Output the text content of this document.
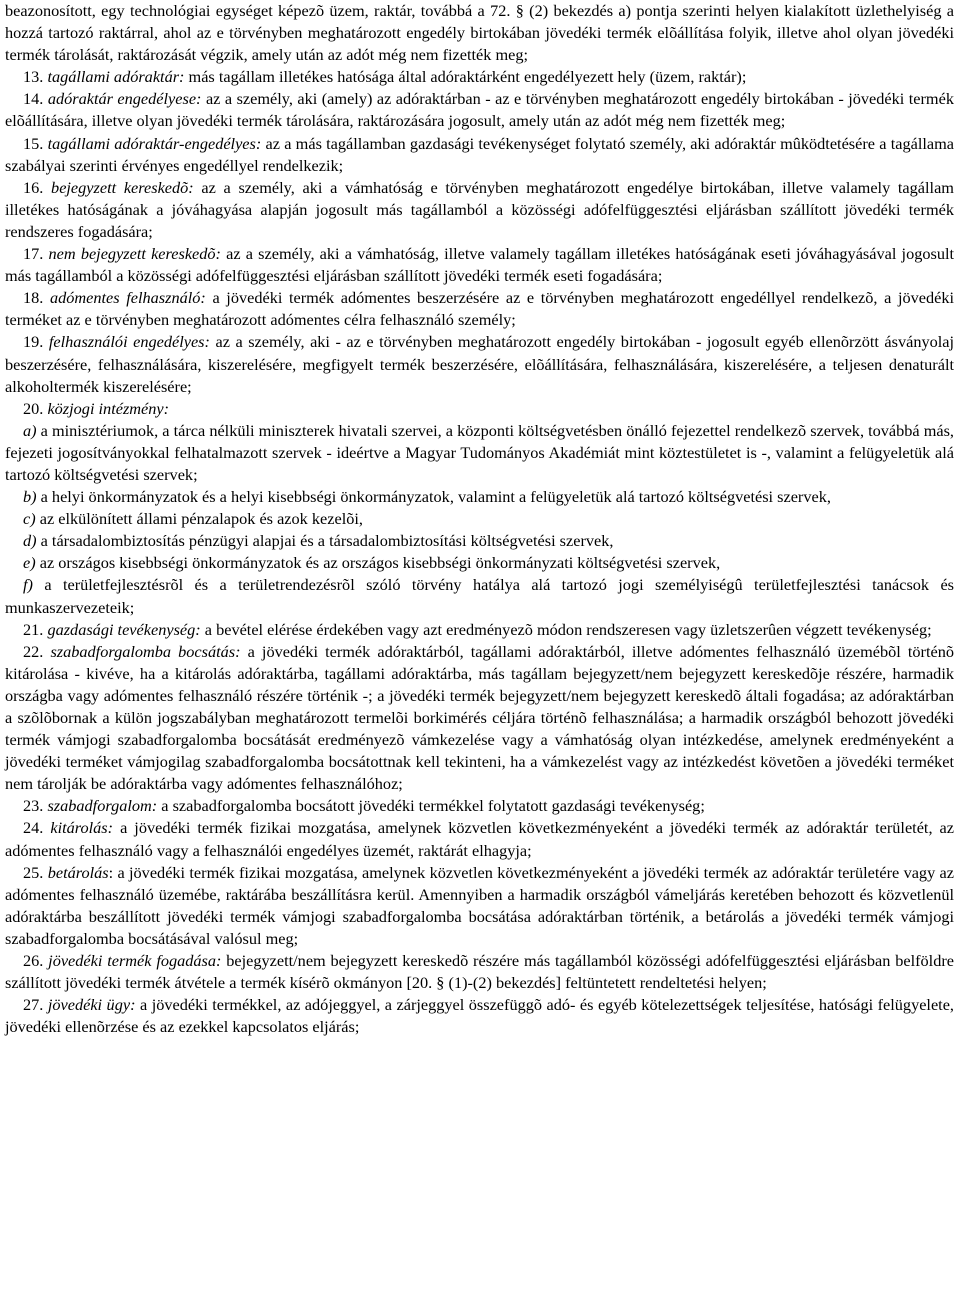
beazonosított, egy technológiai egységet képezõ üzem, raktár, továbbá a 72. § (2) bekezdés a) pontja szerinti helyen kialakított üzlethelyiség a hozzá tartozó raktárral, ahol az e törvényben meghatározott engedély birtokában jövedéki termék elõállítása folyik, illetve ahol olyan jövedéki termék tárolását, raktározását végzik, amely után az adót még nem fizették meg;

13. tagállami adóraktár: más tagállam illetékes hatósága által adóraktárként engedélyezett hely (üzem, raktár);

14. adóraktár engedélyese: az a személy, aki (amely) az adóraktárban - az e törvényben meghatározott engedély birtokában - jövedéki termék elõállítására, illetve olyan jövedéki termék tárolására, raktározására jogosult, amely után az adót még nem fizették meg;

15. tagállami adóraktár-engedélyes: az a más tagállamban gazdasági tevékenységet folytató személy, aki adóraktár mûködtetésére a tagállama szabályai szerinti érvényes engedéllyel rendelkezik;

16. bejegyzett kereskedõ: az a személy, aki a vámhatóság e törvényben meghatározott engedélye birtokában, illetve valamely tagállam illetékes hatóságának a jóváhagyása alapján jogosult más tagállamból a közösségi adófelfüggesztési eljárásban szállított jövedéki termék rendszeres fogadására;

17. nem bejegyzett kereskedõ: az a személy, aki a vámhatóság, illetve valamely tagállam illetékes hatóságának eseti jóváhagyásával jogosult más tagállamból a közösségi adófelfüggesztési eljárásban szállított jövedéki termék eseti fogadására;

18. adómentes felhasználó: a jövedéki termék adómentes beszerzésére az e törvényben meghatározott engedéllyel rendelkezõ, a jövedéki terméket az e törvényben meghatározott adómentes célra felhasználó személy;

19. felhasználói engedélyes: az a személy, aki - az e törvényben meghatározott engedély birtokában - jogosult egyéb ellenõrzött ásványolaj beszerzésére, felhasználására, kiszerelésére, megfigyelt termék beszerzésére, elõállítására, felhasználására, kiszerelésére, a teljesen denaturált alkoholtermék kiszerelésére;

20. közjogi intézmény:

a) a minisztériumok, a tárca nélküli miniszterek hivatali szervei, a központi költségvetésben önálló fejezettel rendelkezõ szervek, továbbá más, fejezeti jogosítványokkal felhatalmazott szervek - ideértve a Magyar Tudományos Akadémiát mint köztestületet is -, valamint a felügyeletük alá tartozó költségvetési szervek;

b) a helyi önkormányzatok és a helyi kisebbségi önkormányzatok, valamint a felügyeletük alá tartozó költségvetési szervek,

c) az elkülönített állami pénzalapok és azok kezelõi,

d) a társadalombiztosítás pénzügyi alapjai és a társadalombiztosítási költségvetési szervek,

e) az országos kisebbségi önkormányzatok és az országos kisebbségi önkormányzati költségvetési szervek,

f) a területfejlesztésrõl és a területrendezésrõl szóló törvény hatálya alá tartozó jogi személyiségû területfejlesztési tanácsok és munkaszervezeteik;

21. gazdasági tevékenység: a bevétel elérése érdekében vagy azt eredményezõ módon rendszeresen vagy üzletszerûen végzett tevékenység;

22. szabadforgalomba bocsátás: a jövedéki termék adóraktárból, tagállami adóraktárból, illetve adómentes felhasználó üzemébõl történõ kitárolása - kivéve, ha a kitárolás adóraktárba, tagállami adóraktárba, más tagállam bejegyzett/nem bejegyzett kereskedõje részére, harmadik országba vagy adómentes felhasználó részére történik -; a jövedéki termék bejegyzett/nem bejegyzett kereskedõ általi fogadása; az adóraktárban a szõlõbornak a külön jogszabályban meghatározott termelõi borkimérés céljára történõ felhasználása; a harmadik országból behozott jövedéki termék vámjogi szabadforgalomba bocsátását eredményezõ vámkezelése vagy a vámhatóság olyan intézkedése, amelynek eredményeként a jövedéki terméket vámjogilag szabadforgalomba bocsátottnak kell tekinteni, ha a vámkezelést vagy az intézkedést követõen a jövedéki terméket nem tárolják be adóraktárba vagy adómentes felhasználóhoz;

23. szabadforgalom: a szabadforgalomba bocsátott jövedéki termékkel folytatott gazdasági tevékenység;

24. kitárolás: a jövedéki termék fizikai mozgatása, amelynek közvetlen következményeként a jövedéki termék az adóraktár területét, az adómentes felhasználó vagy a felhasználói engedélyes üzemét, raktárát elhagyja;

25. betárolás: a jövedéki termék fizikai mozgatása, amelynek közvetlen következményeként a jövedéki termék az adóraktár területére vagy az adómentes felhasználó üzemébe, raktárába beszállításra kerül. Amennyiben a harmadik országból vámeljárás keretében behozott és közvetlenül adóraktárba beszállított jövedéki termék vámjogi szabadforgalomba bocsátása adóraktárban történik, a betárolás a jövedéki termék vámjogi szabadforgalomba bocsátásával valósul meg;

26. jövedéki termék fogadása: bejegyzett/nem bejegyzett kereskedõ részére más tagállamból közösségi adófelfüggesztési eljárásban belföldre szállított jövedéki termék átvétele a termék kísérõ okmányon [20. § (1)-(2) bekezdés] feltüntetett rendeltetési helyen;

27. jövedéki ügy: a jövedéki termékkel, az adójeggyel, a zárjeggyel összefüggõ adó- és egyéb kötelezettségek teljesítése, hatósági felügyelete, jövedéki ellenõrzése és az ezekkel kapcsolatos eljárás;
